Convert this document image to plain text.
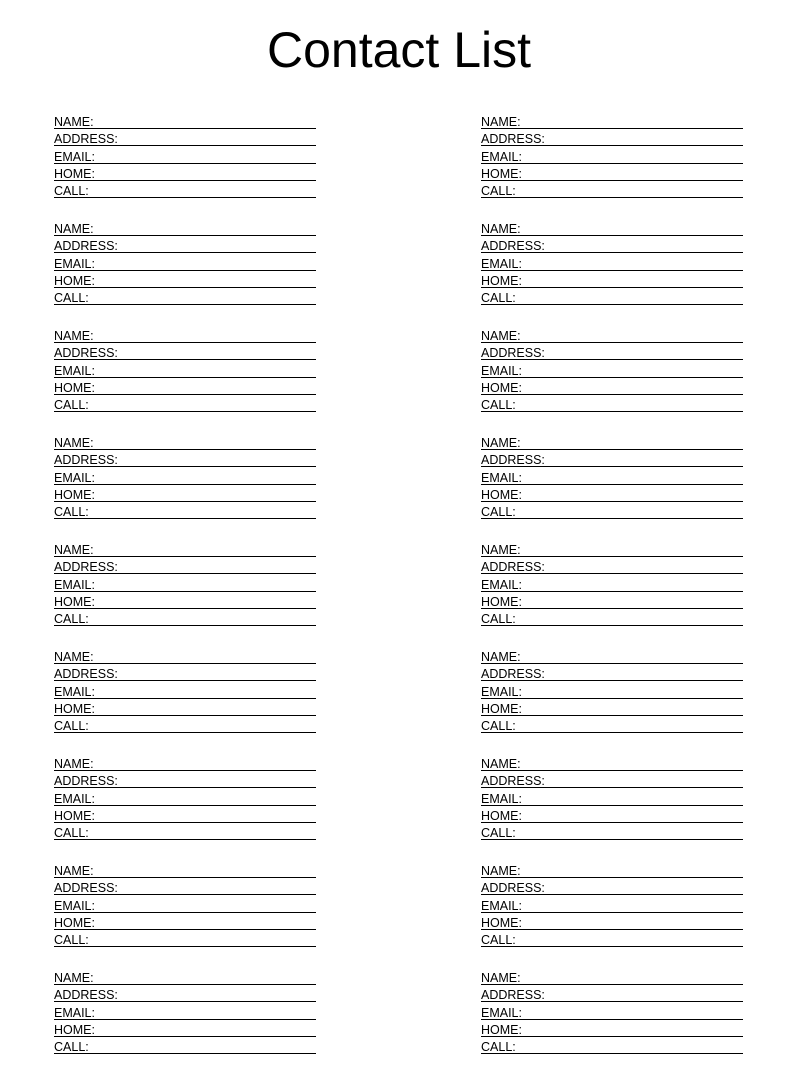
Contact List
NAME:
ADDRESS:
EMAIL:
HOME:
CALL:
NAME:
ADDRESS:
EMAIL:
HOME:
CALL:
NAME:
ADDRESS:
EMAIL:
HOME:
CALL:
NAME:
ADDRESS:
EMAIL:
HOME:
CALL:
NAME:
ADDRESS:
EMAIL:
HOME:
CALL:
NAME:
ADDRESS:
EMAIL:
HOME:
CALL:
NAME:
ADDRESS:
EMAIL:
HOME:
CALL:
NAME:
ADDRESS:
EMAIL:
HOME:
CALL:
NAME:
ADDRESS:
EMAIL:
HOME:
CALL:
NAME:
ADDRESS:
EMAIL:
HOME:
CALL:
NAME:
ADDRESS:
EMAIL:
HOME:
CALL:
NAME:
ADDRESS:
EMAIL:
HOME:
CALL:
NAME:
ADDRESS:
EMAIL:
HOME:
CALL:
NAME:
ADDRESS:
EMAIL:
HOME:
CALL:
NAME:
ADDRESS:
EMAIL:
HOME:
CALL:
NAME:
ADDRESS:
EMAIL:
HOME:
CALL:
NAME:
ADDRESS:
EMAIL:
HOME:
CALL:
NAME:
ADDRESS:
EMAIL:
HOME:
CALL:
